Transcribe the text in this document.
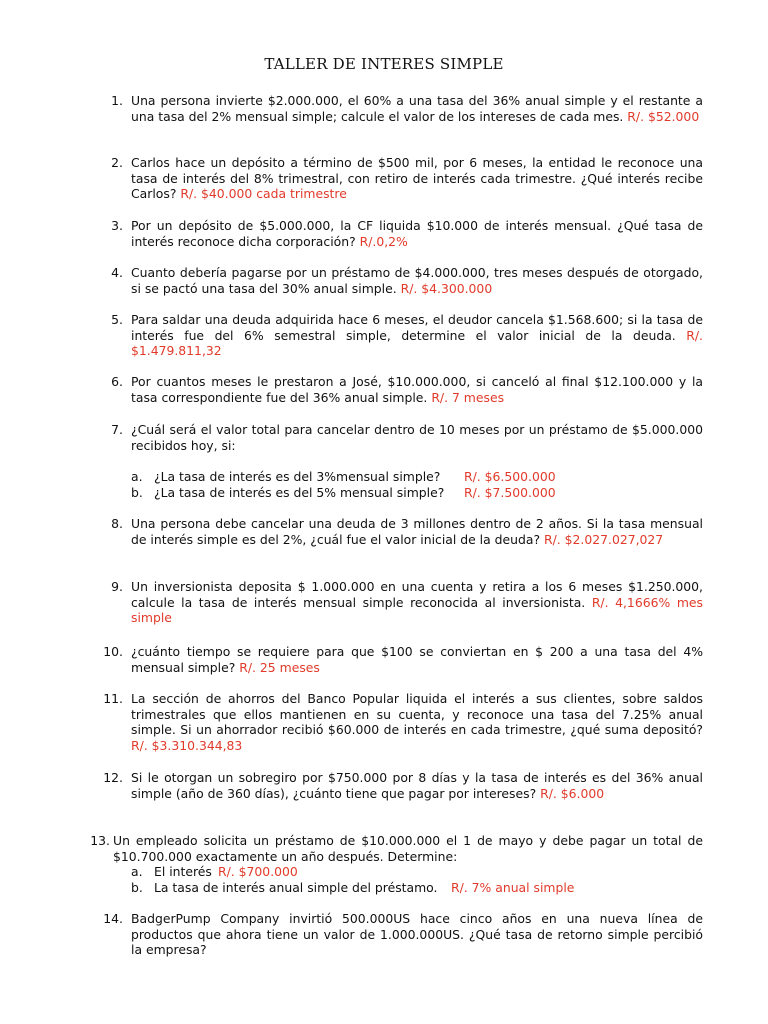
TALLER DE INTERES SIMPLE
1. Una persona invierte $2.000.000, el 60% a una tasa del 36% anual simple y el restante a una tasa del 2% mensual simple; calcule el valor de los intereses de cada mes. R/. $52.000
2. Carlos hace un depósito a término de $500 mil, por 6 meses, la entidad le reconoce una tasa de interés del 8% trimestral, con retiro de interés cada trimestre. ¿Qué interés recibe Carlos? R/. $40.000 cada trimestre
3. Por un depósito de $5.000.000, la CF liquida $10.000 de interés mensual. ¿Qué tasa de interés reconoce dicha corporación? R/.0,2%
4. Cuanto debería pagarse por un préstamo de $4.000.000, tres meses después de otorgado, si se pactó una tasa del 30% anual simple. R/. $4.300.000
5. Para saldar una deuda adquirida hace 6 meses, el deudor cancela $1.568.600; si la tasa de interés fue del 6% semestral simple, determine el valor inicial de la deuda. R/. $1.479.811,32
6. Por cuantos meses le prestaron a José, $10.000.000, si canceló al final $12.100.000 y la tasa correspondiente fue del 36% anual simple. R/. 7 meses
7. ¿Cuál será el valor total para cancelar dentro de 10 meses por un préstamo de $5.000.000 recibidos hoy, si:
a. ¿La tasa de interés es del 3%mensual simple? R/. $6.500.000
b. ¿La tasa de interés es del 5% mensual simple? R/. $7.500.000
8. Una persona debe cancelar una deuda de 3 millones dentro de 2 años. Si la tasa mensual de interés simple es del 2%, ¿cuál fue el valor inicial de la deuda? R/. $2.027.027,027
9. Un inversionista deposita $ 1.000.000 en una cuenta y retira a los 6 meses $1.250.000, calcule la tasa de interés mensual simple reconocida al inversionista. R/. 4,1666% mes simple
10. ¿cuánto tiempo se requiere para que $100 se conviertan en $ 200 a una tasa del 4% mensual simple? R/. 25 meses
11. La sección de ahorros del Banco Popular liquida el interés a sus clientes, sobre saldos trimestrales que ellos mantienen en su cuenta, y reconoce una tasa del 7.25% anual simple. Si un ahorrador recibió $60.000 de interés en cada trimestre, ¿qué suma depositó? R/. $3.310.344,83
12. Si le otorgan un sobregiro por $750.000 por 8 días y la tasa de interés es del 36% anual simple (año de 360 días), ¿cuánto tiene que pagar por intereses? R/. $6.000
13. Un empleado solicita un préstamo de $10.000.000 el 1 de mayo y debe pagar un total de $10.700.000 exactamente un año después. Determine:
a. El interés R/. $700.000
b. La tasa de interés anual simple del préstamo. R/. 7% anual simple
14. BadgerPump Company invirtió 500.000US hace cinco años en una nueva línea de productos que ahora tiene un valor de 1.000.000US. ¿Qué tasa de retorno simple percibió la empresa?
